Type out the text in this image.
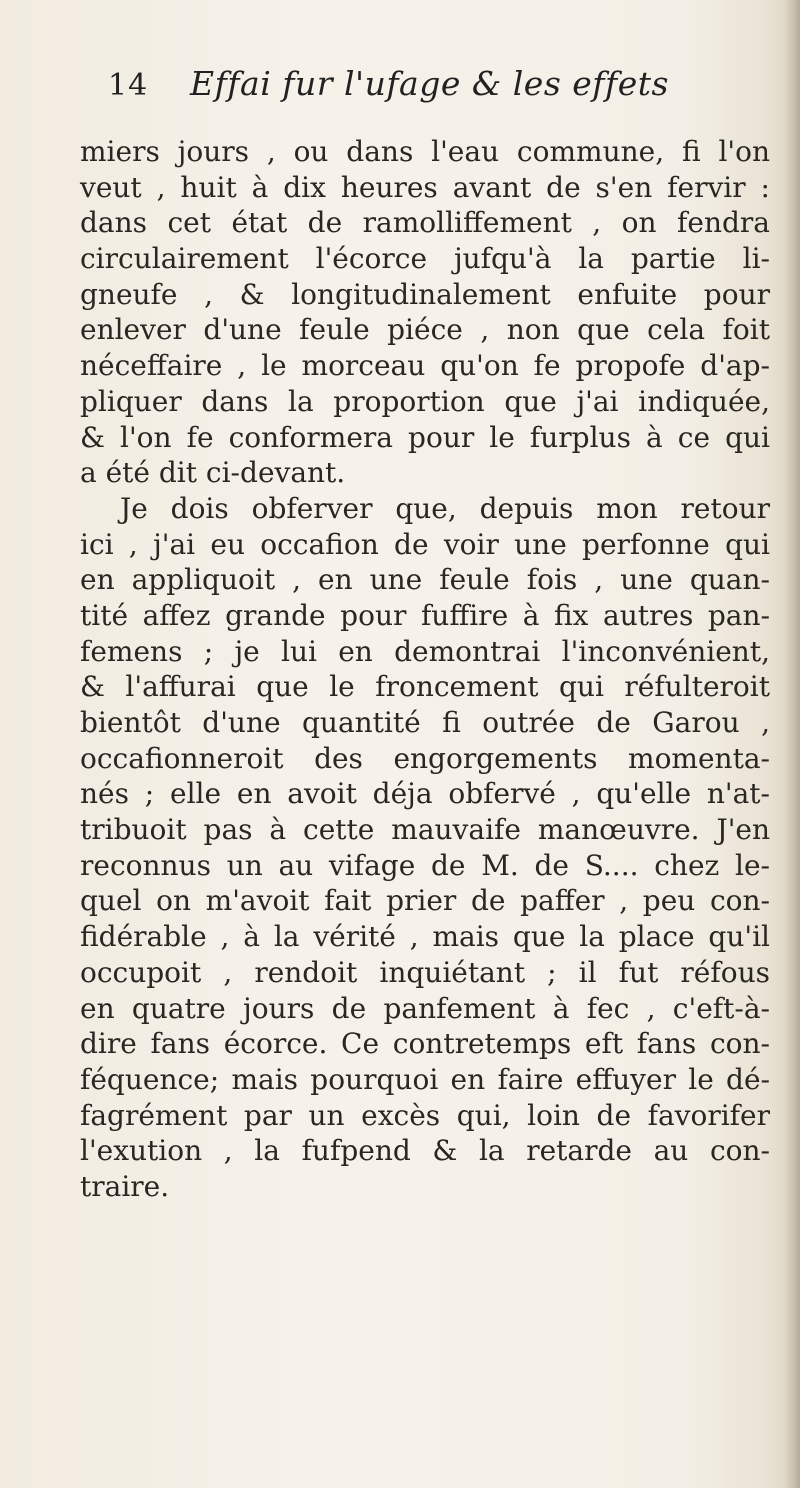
14 Effai fur l'ufage & les effets
miers jours , ou dans l'eau commune, fi l'on
veut , huit à dix heures avant de s'en fervir :
dans cet état de ramolliffement , on fendra
circulairement l'écorce jufqu'à la partie li-
gneufe , & longitudinalement enfuite pour
enlever d'une feule piéce , non que cela foit
néceffaire , le morceau qu'on fe propofe d'ap-
pliquer dans la proportion que j'ai indiquée,
& l'on fe conformera pour le furplus à ce qui
a été dit ci-devant.
Je dois obferver que, depuis mon retour
ici , j'ai eu occafion de voir une perfonne qui
en appliquoit , en une feule fois , une quan-
tité affez grande pour fuffire à fix autres pan-
femens ; je lui en demontrai l'inconvénient,
& l'affurai que le froncement qui réfulteroit
bientôt d'une quantité fi outrée de Garou ,
occafionneroit des engorgements momenta-
nés ; elle en avoit déja obfervé , qu'elle n'at-
tribuoit pas à cette mauvaife manœuvre. J'en
reconnus un au vifage de M. de S.... chez le-
quel on m'avoit fait prier de paffer , peu con-
fidérable , à la vérité , mais que la place qu'il
occupoit , rendoit inquiétant ; il fut réfous
en quatre jours de panfement à fec , c'eft-à-
dire fans écorce. Ce contretemps eft fans con-
féquence; mais pourquoi en faire effuyer le dé-
fagrément par un excès qui, loin de favorifer
l'exution , la fufpend & la retarde au con-
traire.
